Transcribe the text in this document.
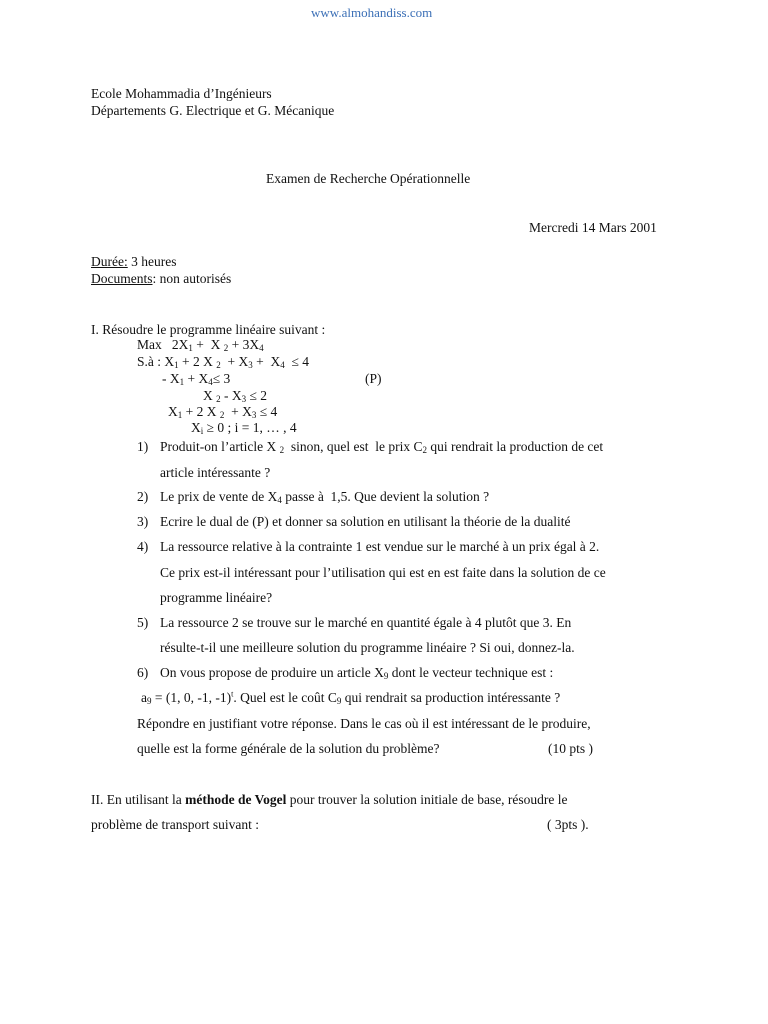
www.almohandiss.com
Ecole Mohammadia d’Ingénieurs
Départements G. Electrique et G. Mécanique
Examen de Recherche Opérationnelle
Mercredi 14 Mars 2001
Durée: 3 heures
Documents: non autorisés
I. Résoudre le programme linéaire suivant :
Max   $2X_1 + X$ $_2 + 3X_4$
S.à : $X_1 + 2$ X $_2 + X_3 + X_4 \le 4$
- $X_1 + X_4\le 3$	(P)
X $_2 - X_3 \le 2$
$X_1 + 2$ X $_2 + X_3 \le 4$
$X_i \ge 0$ ; i = 1, … , 4
1) Produit-on l’article X $_2$  sinon, quel est  le prix $C_2$ qui rendrait la production de cet
article intéressante ?
2) Le prix de vente de $X_4$ passe à  1,5. Que devient la solution ?
3) Ecrire le dual de (P) et donner sa solution en utilisant la théorie de la dualité
4) La ressource relative à la contrainte 1 est vendue sur le marché à un prix égal à 2.
Ce prix est-il intéressant pour l’utilisation qui est en est faite dans la solution de ce
programme linéaire?
5) La ressource 2 se trouve sur le marché en quantité égale à 4 plutôt que 3. En
résulte-t-il une meilleure solution du programme linéaire ? Si oui, donnez-la.
6) On vous propose de produire un article $X_9$ dont le vecteur technique est :
$a_9 = (1$, 0, -1, -1)$^t$. Quel est le coût $C_9$ qui rendrait sa production intéressante ?
Répondre en justifiant votre réponse. Dans le cas où il est intéressant de le produire,
quelle est la forme générale de la solution du problème?	(10 pts )
II. En utilisant la méthode de Vogel pour trouver la solution initiale de base, résoudre le
problème de transport suivant :	( 3pts ).
